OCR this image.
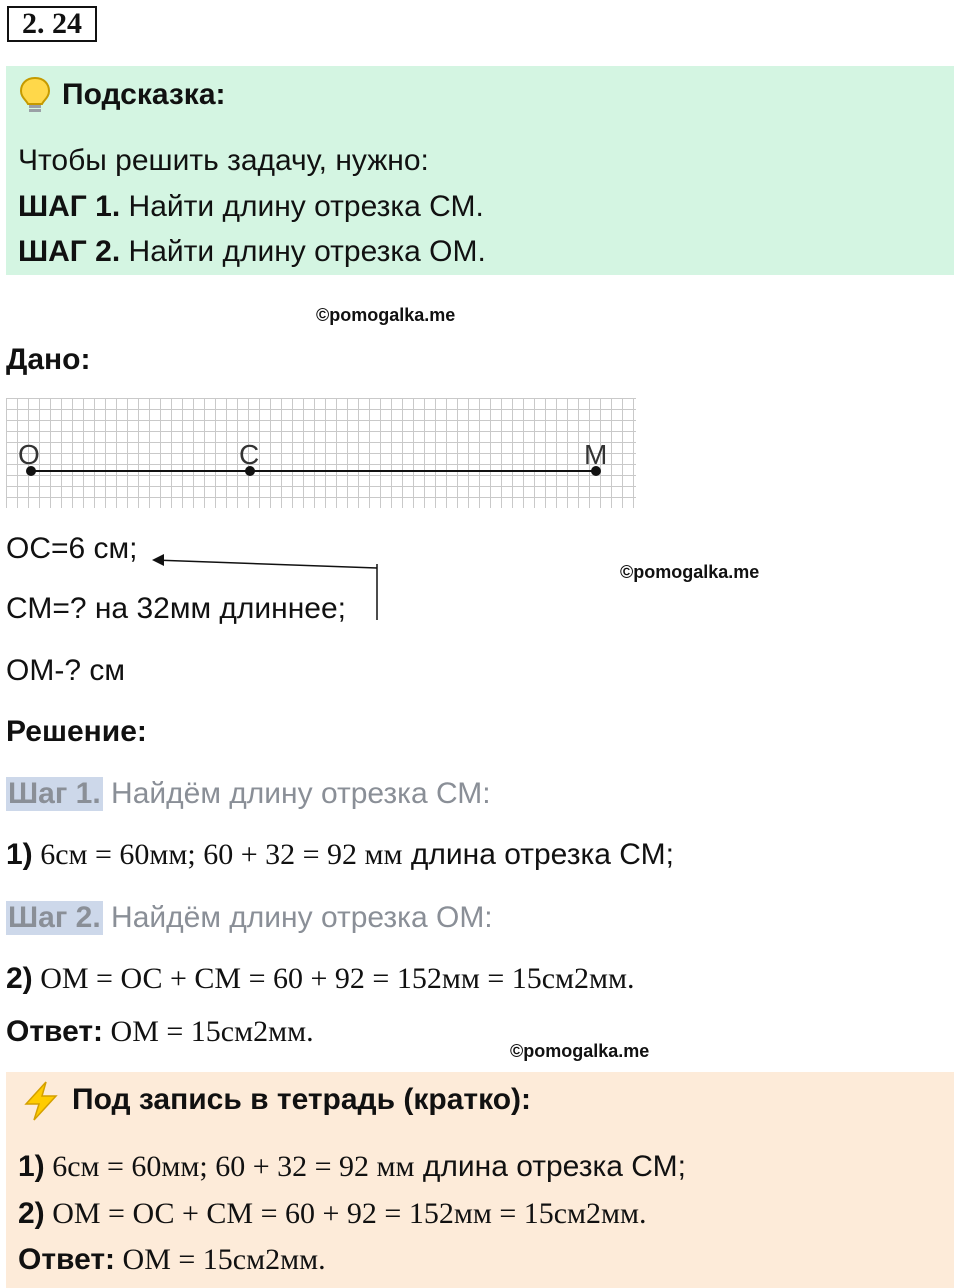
2. 24
Подсказка:
Чтобы решить задачу, нужно:
ШАГ 1. Найти длину отрезка СМ.
ШАГ 2. Найти длину отрезка ОМ.
©pomogalka.me
Дано:
O	C	M
ОС=6 см;
СМ=? на 32мм длиннее;
ОМ-? см
©pomogalka.me
Решение:
Шаг 1. Найдём длину отрезка СМ:
1) 6см = 60мм; 60 + 32 = 92 мм длина отрезка СМ;
Шаг 2. Найдём длину отрезка ОМ:
2) ОМ = ОС + СМ = 60 + 92 = 152мм = 15см2мм.
Ответ: ОМ = 15см2мм.
©pomogalka.me
Под запись в тетрадь (кратко):
1) 6см = 60мм; 60 + 32 = 92 мм длина отрезка СМ;
2) ОМ = ОС + СМ = 60 + 92 = 152мм = 15см2мм.
Ответ: ОМ = 15см2мм.
